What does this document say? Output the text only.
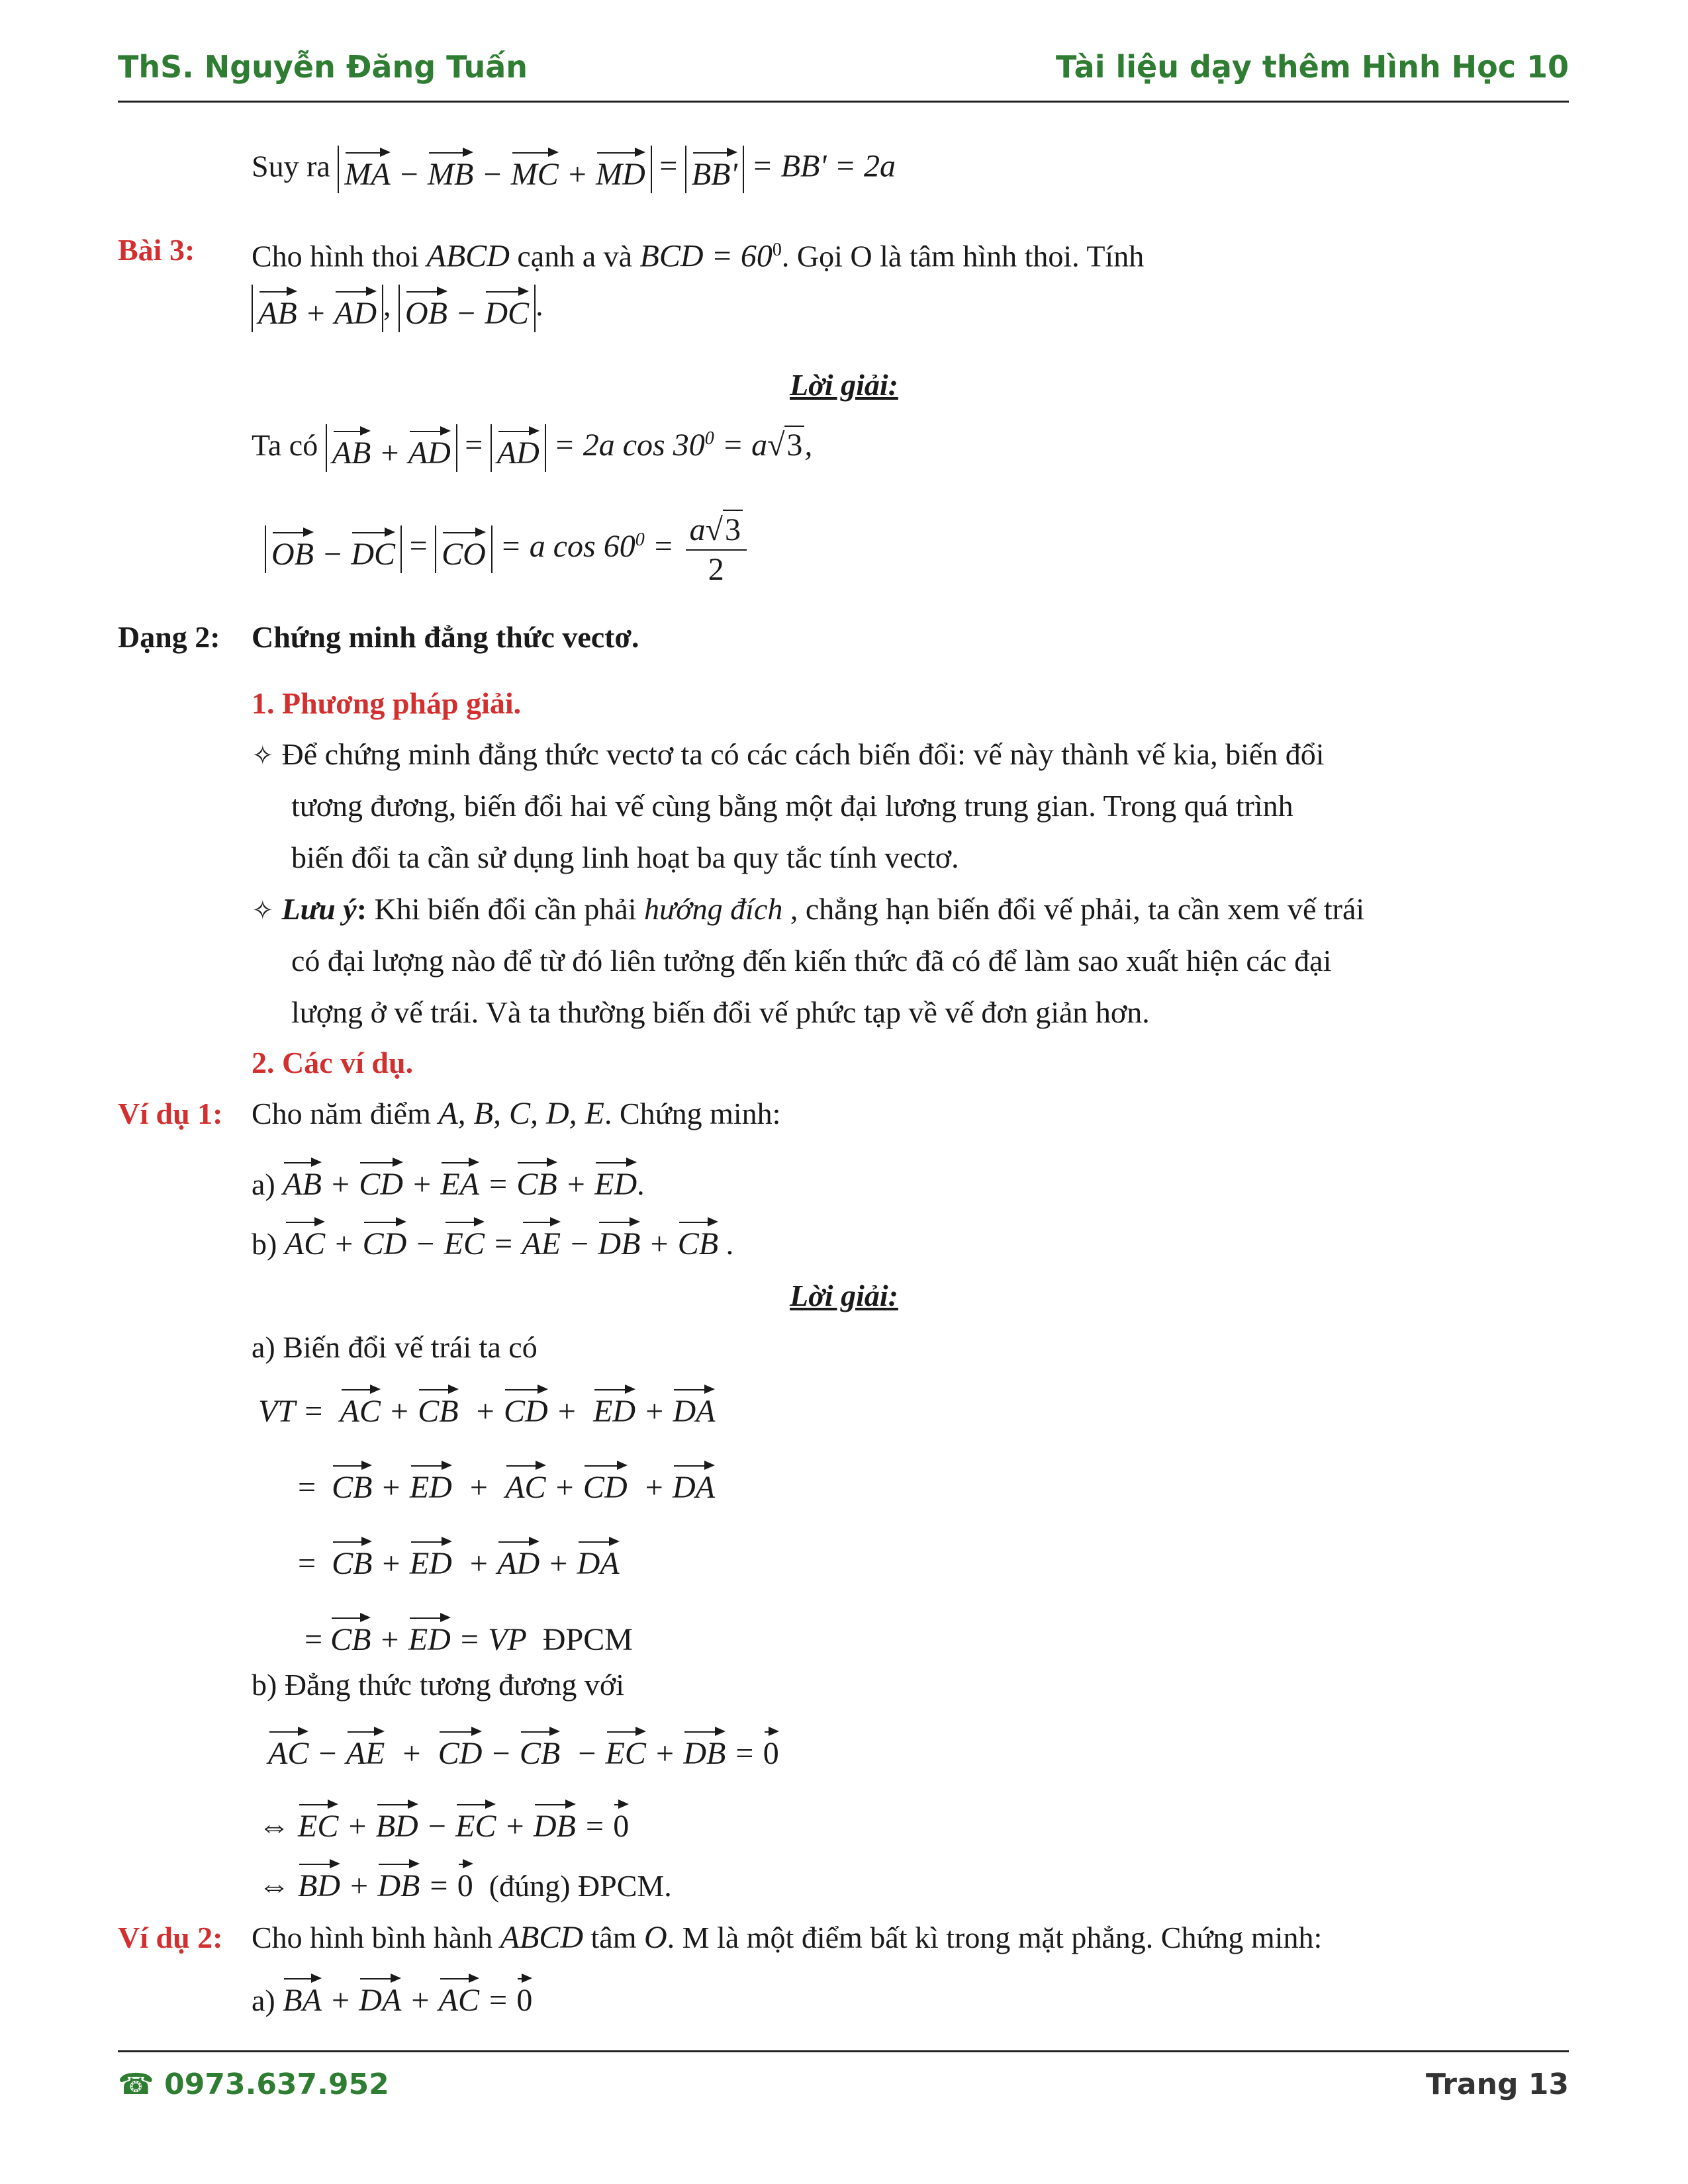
ThS. Nguyễn Đăng Tuấn	Tài liệu dạy thêm Hình Học 10
Suy ra MA − MB − MC + MD = BB' = BB' = 2a
Bài 3: Cho hình thoi ABCD cạnh a và BCD = $60^0$. Gọi O là tâm hình thoi. Tính
AB + AD , OB − DC .
Lời giải:
Ta có AB + AD = AD = 2a $\cos 30^0 = a√3$,
OB − DC = CO = a $\cos 60^0 = \frac{a√3}{2}$
Dạng 2: Chứng minh đẳng thức vectơ.
1. Phương pháp giải.
✧ Để chứng minh đẳng thức vectơ ta có các cách biến đổi: vế này thành vế kia, biến đổi
tương đương, biến đổi hai vế cùng bằng một đại lương trung gian. Trong quá trình
biến đổi ta cần sử dụng linh hoạt ba quy tắc tính vectơ.
✧ Lưu ý: Khi biến đổi cần phải hướng đích , chẳng hạn biến đổi vế phải, ta cần xem vế trái
có đại lượng nào để từ đó liên tưởng đến kiến thức đã có để làm sao xuất hiện các đại
lượng ở vế trái. Và ta thường biến đổi vế phức tạp về vế đơn giản hơn.
2. Các ví dụ.
Ví dụ 1: Cho năm điểm A, B, C, D, E. Chứng minh:
a) AB + CD + EA = CB + ED.
b) AC + CD − EC = AE − DB + CB .
Lời giải:
a) Biến đổi vế trái ta có
VT = AC + CB  + CD +  ED + DA
= CB + ED  +  AC + CD  + DA
= CB + ED  + AD + DA
= CB + ED = VP ĐPCM
b) Đẳng thức tương đương với
AC − AE  +  CD − CB  − EC + DB = 0
⇔ EC + BD − EC + DB = 0
⇔ BD + DB = 0 (đúng) ĐPCM.
Ví dụ 2: Cho hình bình hành ABCD tâm O. M là một điểm bất kì trong mặt phẳng. Chứng minh:
a) BA + DA + AC = 0
☎ 0973.637.952	Trang 13
